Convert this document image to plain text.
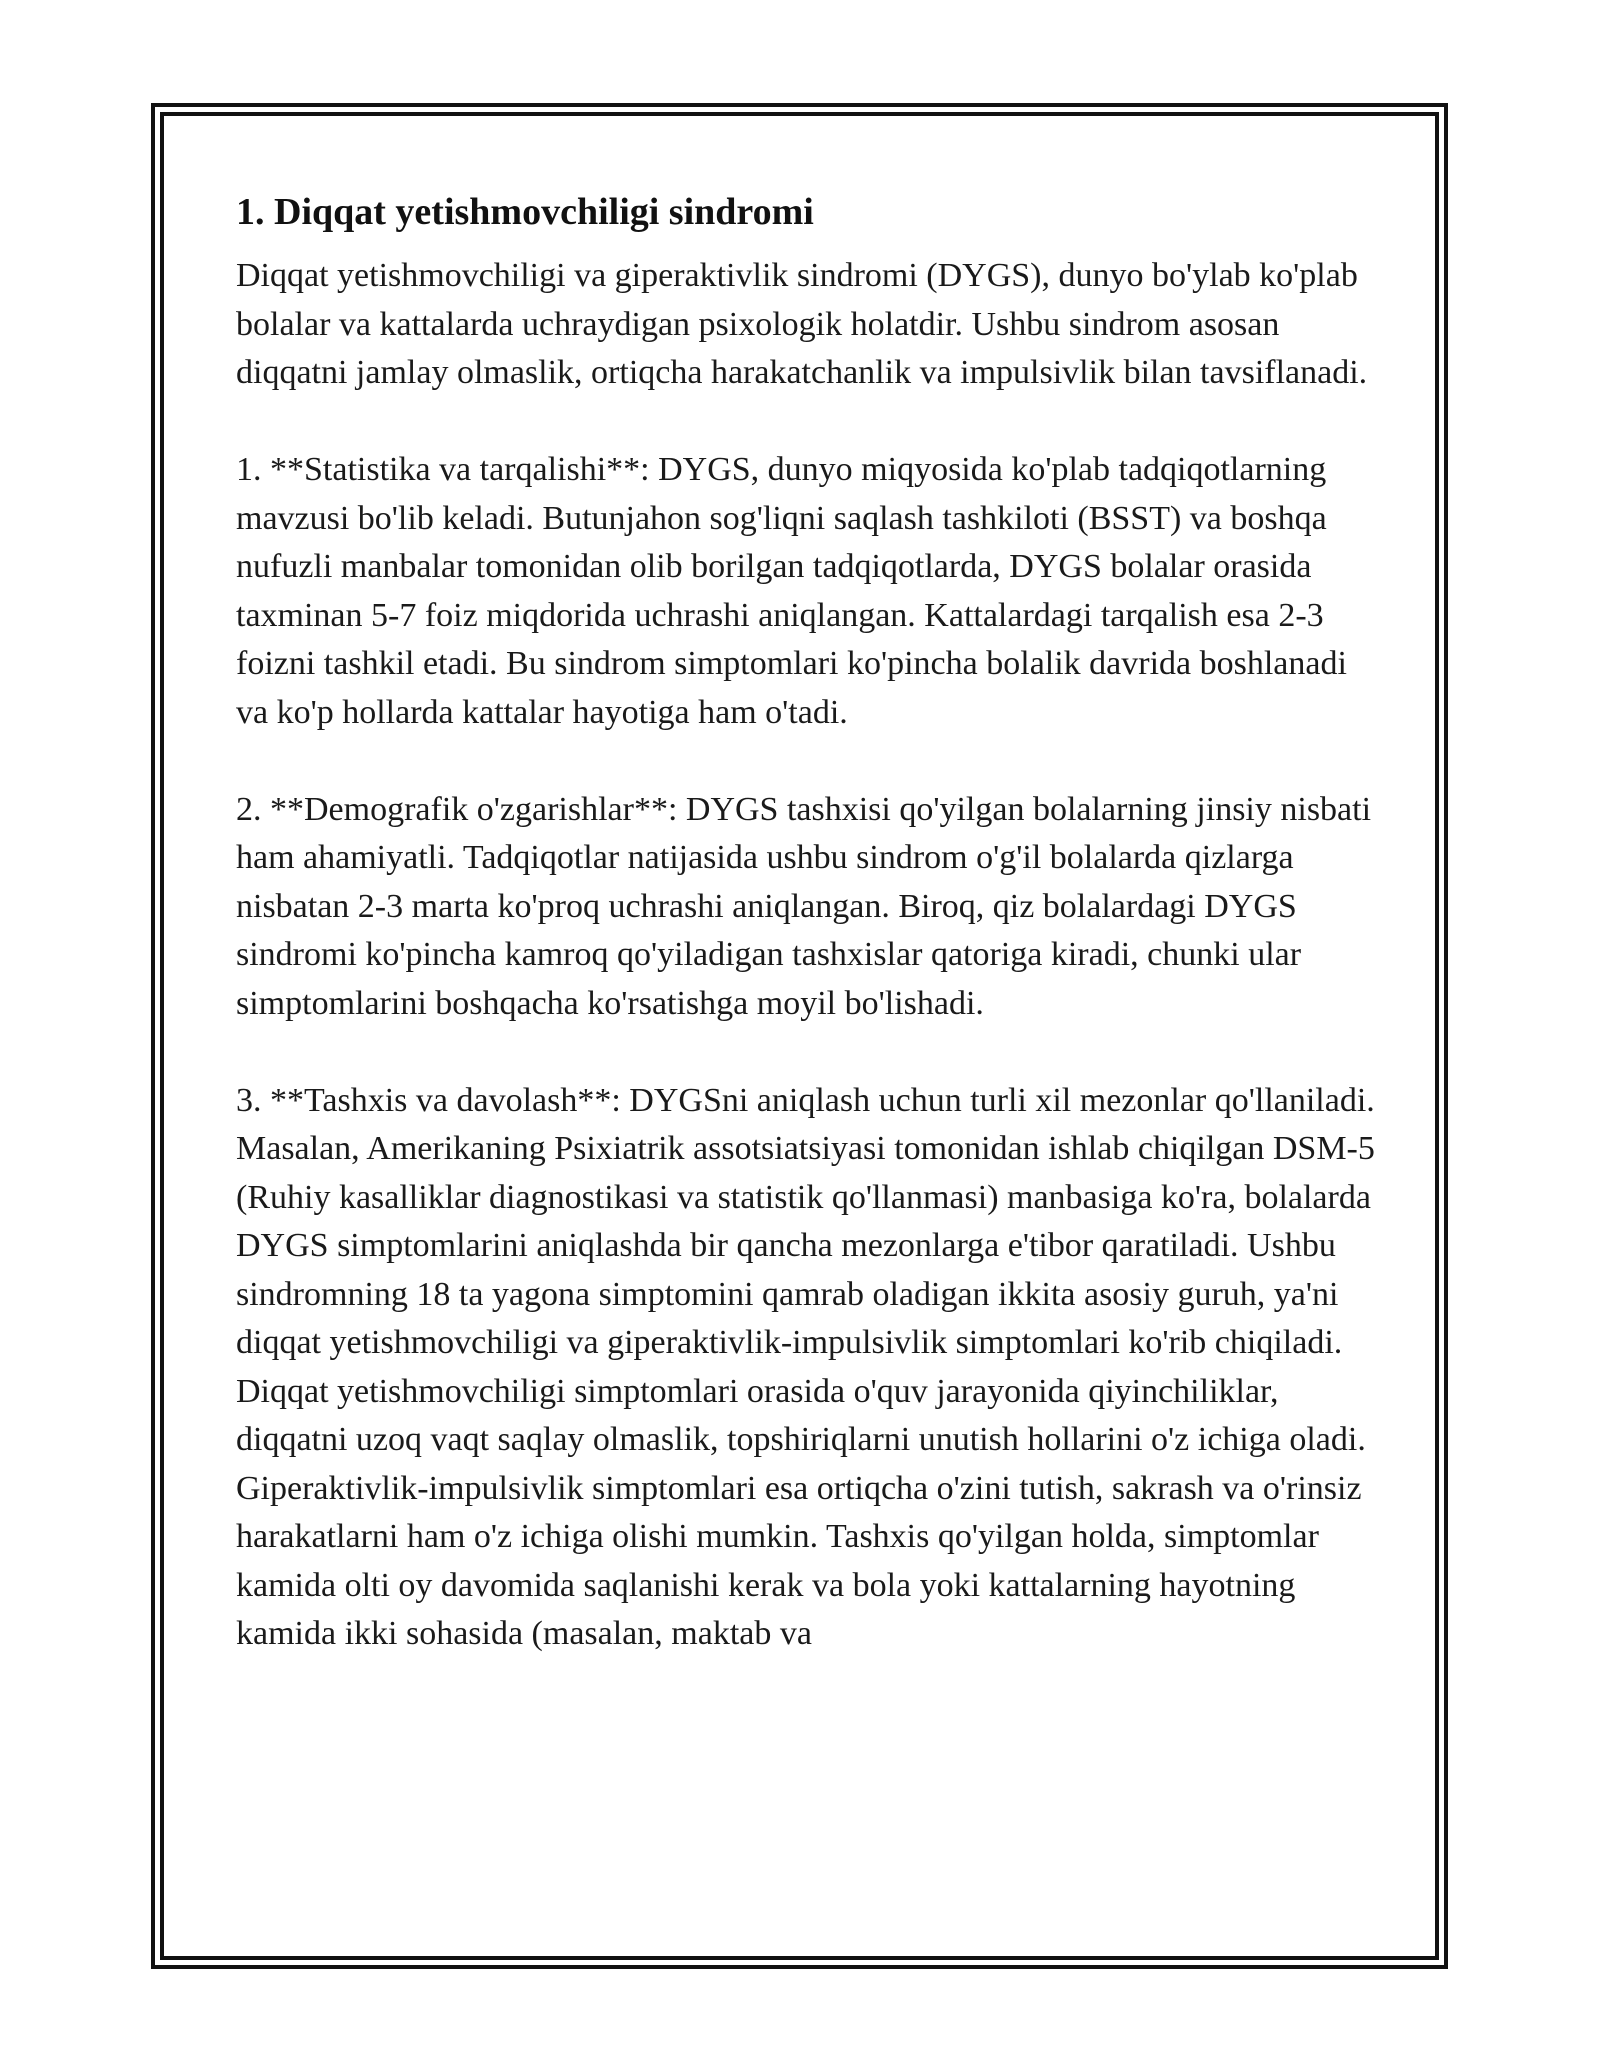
1. Diqqat yetishmovchiligi sindromi

Diqqat yetishmovchiligi va giperaktivlik sindromi (DYGS), dunyo bo'ylab ko'plab bolalar va kattalarda uchraydigan psixologik holatdir. Ushbu sindrom asosan diqqatni jamlay olmaslik, ortiqcha harakatchanlik va impulsivlik bilan tavsiflanadi.

1. **Statistika va tarqalishi**: DYGS, dunyo miqyosida ko'plab tadqiqotlarning mavzusi bo'lib keladi. Butunjahon sog'liqni saqlash tashkiloti (BSST) va boshqa nufuzli manbalar tomonidan olib borilgan tadqiqotlarda, DYGS bolalar orasida taxminan 5-7 foiz miqdorida uchrashi aniqlangan. Kattalardagi tarqalish esa 2-3 foizni tashkil etadi. Bu sindrom simptomlari ko'pincha bolalik davrida boshlanadi va ko'p hollarda kattalar hayotiga ham o'tadi.

2. **Demografik o'zgarishlar**: DYGS tashxisi qo'yilgan bolalarning jinsiy nisbati ham ahamiyatli. Tadqiqotlar natijasida ushbu sindrom o'g'il bolalarda qizlarga nisbatan 2-3 marta ko'proq uchrashi aniqlangan. Biroq, qiz bolalardagi DYGS sindromi ko'pincha kamroq qo'yiladigan tashxislar qatoriga kiradi, chunki ular simptomlarini boshqacha ko'rsatishga moyil bo'lishadi.

3. **Tashxis va davolash**: DYGSni aniqlash uchun turli xil mezonlar qo'llaniladi. Masalan, Amerikaning Psixiatrik assotsiatsiyasi tomonidan ishlab chiqilgan DSM-5 (Ruhiy kasalliklar diagnostikasi va statistik qo'llanmasi) manbasiga ko'ra, bolalarda DYGS simptomlarini aniqlashda bir qancha mezonlarga e'tibor qaratiladi. Ushbu sindromning 18 ta yagona simptomini qamrab oladigan ikkita asosiy guruh, ya'ni diqqat yetishmovchiligi va giperaktivlik-impulsivlik simptomlari ko'rib chiqiladi. Diqqat yetishmovchiligi simptomlari orasida o'quv jarayonida qiyinchiliklar, diqqatni uzoq vaqt saqlay olmaslik, topshiriqlarni unutish hollarini o'z ichiga oladi. Giperaktivlik-impulsivlik simptomlari esa ortiqcha o'zini tutish, sakrash va o'rinsiz harakatlarni ham o'z ichiga olishi mumkin. Tashxis qo'yilgan holda, simptomlar kamida olti oy davomida saqlanishi kerak va bola yoki kattalarning hayotning kamida ikki sohasida (masalan, maktab va
